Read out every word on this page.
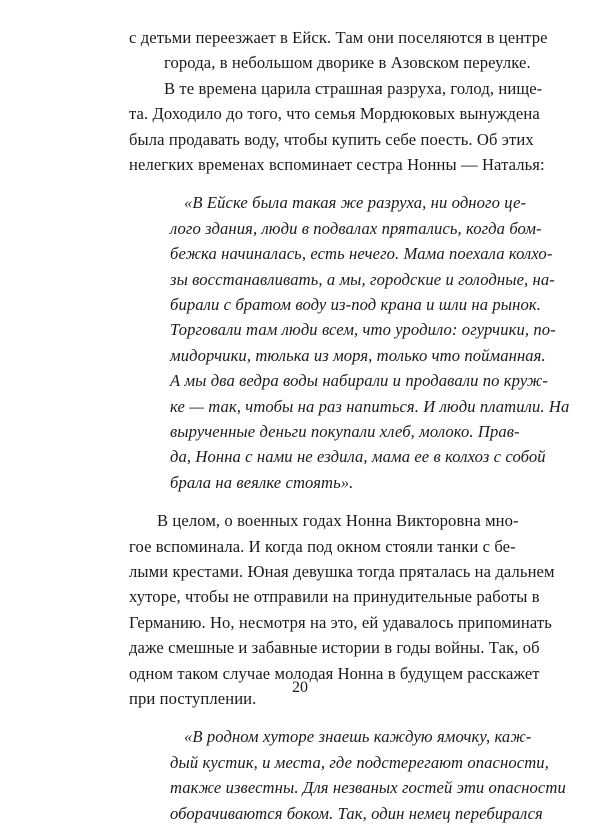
с детьми переезжает в Ейск. Там они поселяются в центре
города, в небольшом дворике в Азовском переулке.
В те времена царила страшная разруха, голод, нище-
та. Доходило до того, что семья Мордюковых вынуждена
была продавать воду, чтобы купить себе поесть. Об этих
нелегких временах вспоминает сестра Нонны — Наталья:
«В Ейске была такая же разруха, ни одного це-
лого здания, люди в подвалах прятались, когда бом-
бежка начиналась, есть нечего. Мама поехала колхо-
зы восстанавливать, а мы, городские и голодные, на-
бирали с братом воду из-под крана и шли на рынок.
Торговали там люди всем, что уродило: огурчики, по-
мидорчики, тюлька из моря, только что пойманная.
А мы два ведра воды набирали и продавали по круж-
ке — так, чтобы на раз напиться. И люди платили. На
вырученные деньги покупали хлеб, молоко. Прав-
да, Нонна с нами не ездила, мама ее в колхоз с собой
брала на веялке стоять».
В целом, о военных годах Нонна Викторовна мно-
гое вспоминала. И когда под окном стояли танки с бе-
лыми крестами. Юная девушка тогда пряталась на дальнем
хуторе, чтобы не отправили на принудительные работы в
Германию. Но, несмотря на это, ей удавалось припоминать
даже смешные и забавные истории в годы войны. Так, об
одном таком случае молодая Нонна в будущем расскажет
при поступлении.
20
«В родном хуторе знаешь каждую ямочку, каж-
дый кустик, и места, где подстерегают опасности,
также известны. Для незваных гостей эти опасности
оборачиваются боком. Так, один немец перебирался
